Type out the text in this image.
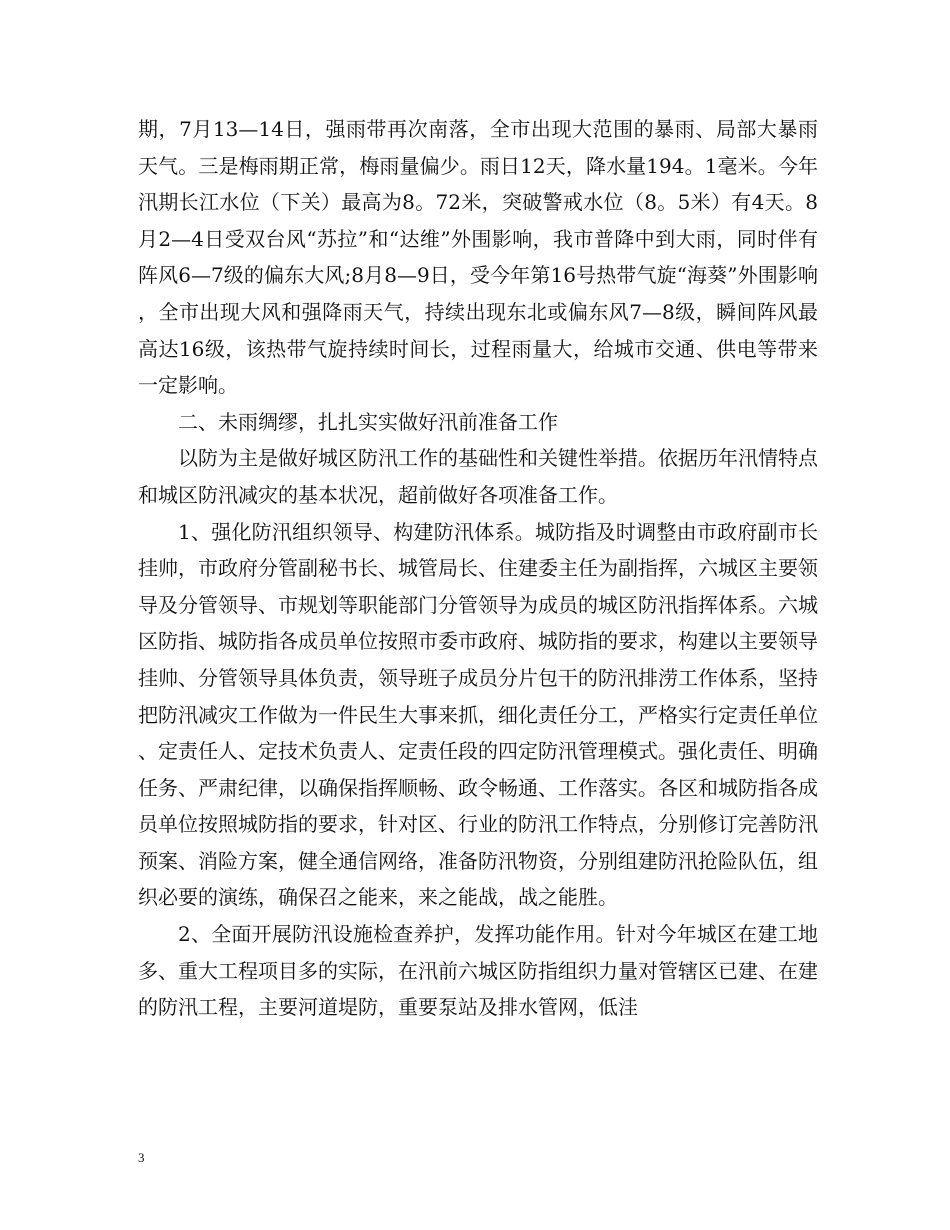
期，7月13—14日，强雨带再次南落，全市出现大范围的暴雨、局部大暴雨天气。三是梅雨期正常，梅雨量偏少。雨日12天，降水量194。1毫米。今年汛期长江水位（下关）最高为8。72米，突破警戒水位（8。5米）有4天。8月2—4日受双台风“苏拉”和“达维”外围影响，我市普降中到大雨，同时伴有阵风6—7级的偏东大风;8月8—9日，受今年第16号热带气旋“海葵”外围影响，全市出现大风和强降雨天气，持续出现东北或偏东风7—8级，瞬间阵风最高达16级，该热带气旋持续时间长，过程雨量大，给城市交通、供电等带来一定影响。

二、未雨绸缪，扎扎实实做好汛前准备工作

以防为主是做好城区防汛工作的基础性和关键性举措。依据历年汛情特点和城区防汛减灾的基本状况，超前做好各项准备工作。

1、强化防汛组织领导、构建防汛体系。城防指及时调整由市政府副市长挂帅，市政府分管副秘书长、城管局长、住建委主任为副指挥，六城区主要领导及分管领导、市规划等职能部门分管领导为成员的城区防汛指挥体系。六城区防指、城防指各成员单位按照市委市政府、城防指的要求，构建以主要领导挂帅、分管领导具体负责，领导班子成员分片包干的防汛排涝工作体系，坚持把防汛减灾工作做为一件民生大事来抓，细化责任分工，严格实行定责任单位、定责任人、定技术负责人、定责任段的四定防汛管理模式。强化责任、明确任务、严肃纪律，以确保指挥顺畅、政令畅通、工作落实。各区和城防指各成员单位按照城防指的要求，针对区、行业的防汛工作特点，分别修订完善防汛预案、消险方案，健全通信网络，准备防汛物资，分别组建防汛抢险队伍，组织必要的演练，确保召之能来，来之能战，战之能胜。

2、全面开展防汛设施检查养护，发挥功能作用。针对今年城区在建工地多、重大工程项目多的实际，在汛前六城区防指组织力量对管辖区已建、在建的防汛工程，主要河道堤防，重要泵站及排水管网，低洼

3
